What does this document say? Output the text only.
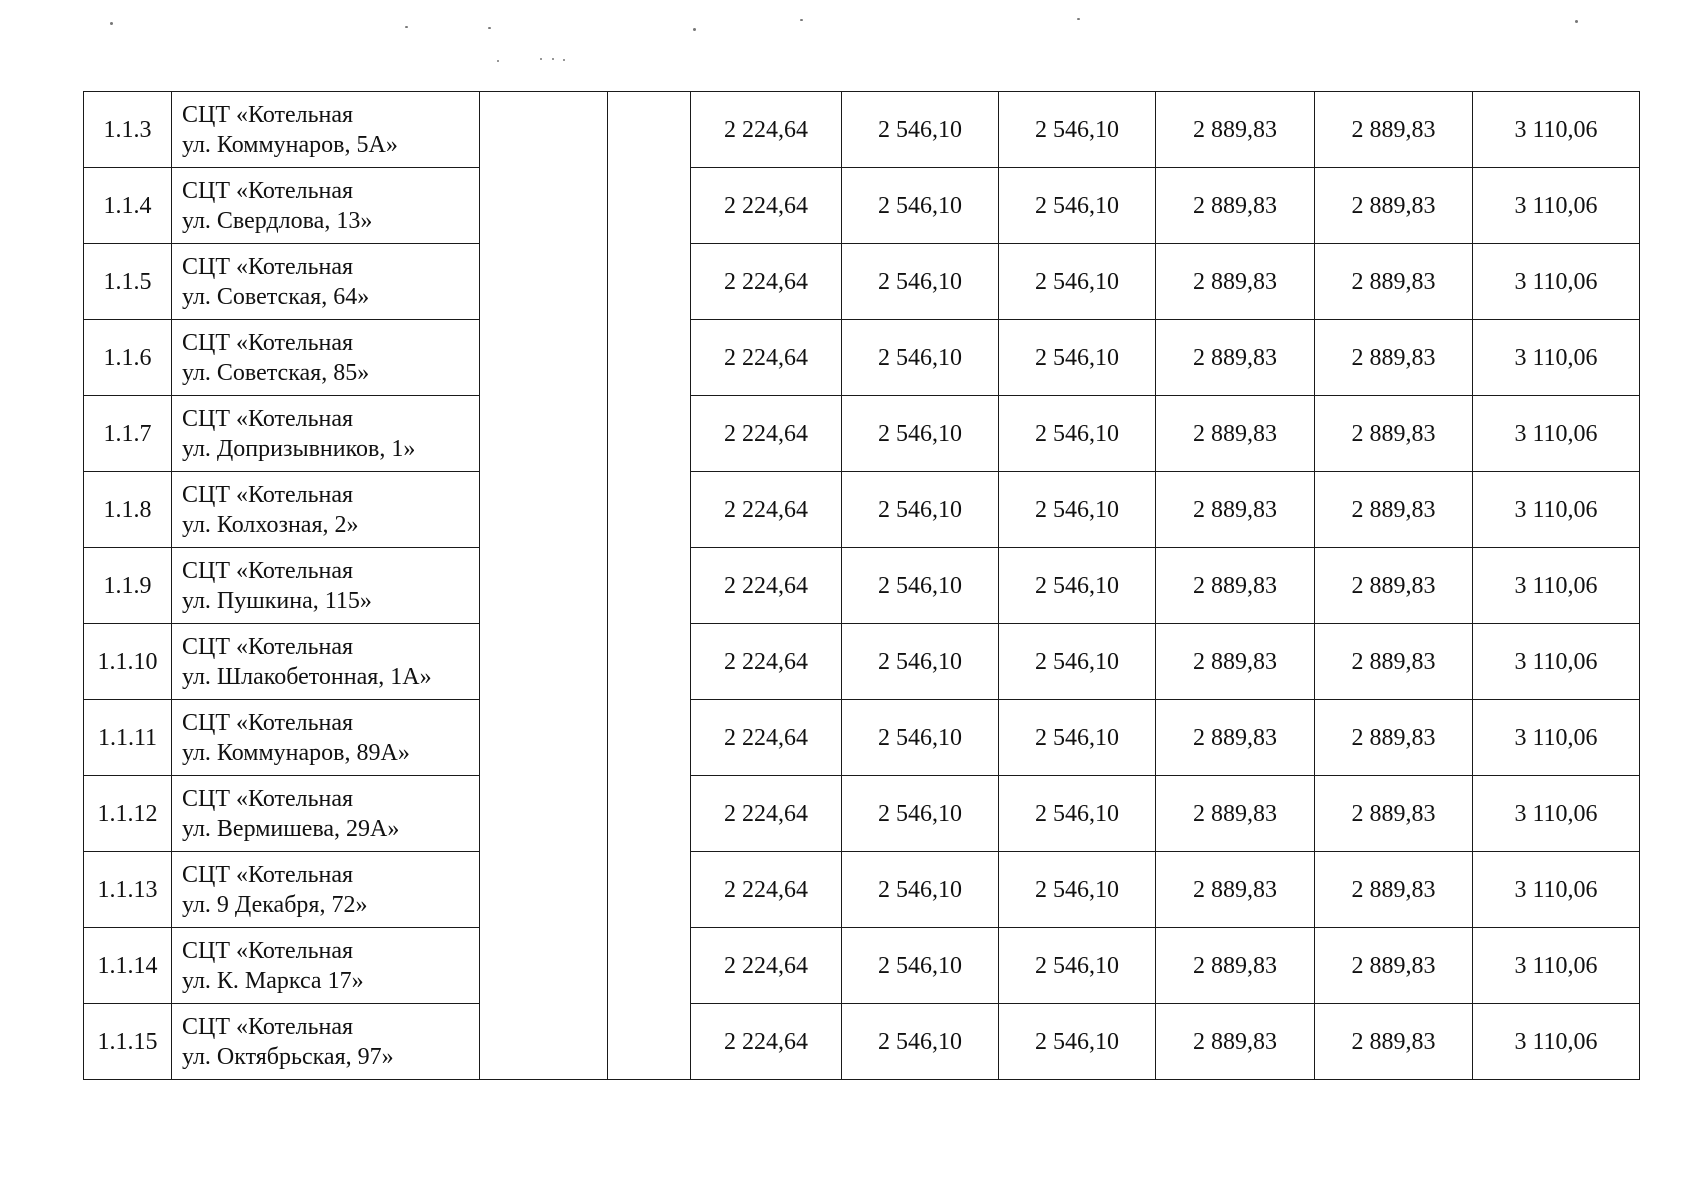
1.1.3	СЦТ «Котельная
ул. Коммунаров, 5А»			2 224,64	2 546,10	2 546,10	2 889,83	2 889,83	3 110,06
1.1.4	СЦТ «Котельная
ул. Свердлова, 13»			2 224,64	2 546,10	2 546,10	2 889,83	2 889,83	3 110,06
1.1.5	СЦТ «Котельная
ул. Советская, 64»			2 224,64	2 546,10	2 546,10	2 889,83	2 889,83	3 110,06
1.1.6	СЦТ «Котельная
ул. Советская, 85»			2 224,64	2 546,10	2 546,10	2 889,83	2 889,83	3 110,06
1.1.7	СЦТ «Котельная
ул. Допризывников, 1»			2 224,64	2 546,10	2 546,10	2 889,83	2 889,83	3 110,06
1.1.8	СЦТ «Котельная
ул. Колхозная, 2»			2 224,64	2 546,10	2 546,10	2 889,83	2 889,83	3 110,06
1.1.9	СЦТ «Котельная
ул. Пушкина, 115»			2 224,64	2 546,10	2 546,10	2 889,83	2 889,83	3 110,06
1.1.10	СЦТ «Котельная
ул. Шлакобетонная, 1А»			2 224,64	2 546,10	2 546,10	2 889,83	2 889,83	3 110,06
1.1.11	СЦТ «Котельная
ул. Коммунаров, 89А»			2 224,64	2 546,10	2 546,10	2 889,83	2 889,83	3 110,06
1.1.12	СЦТ «Котельная
ул. Вермишева, 29А»			2 224,64	2 546,10	2 546,10	2 889,83	2 889,83	3 110,06
1.1.13	СЦТ «Котельная
ул. 9 Декабря, 72»			2 224,64	2 546,10	2 546,10	2 889,83	2 889,83	3 110,06
1.1.14	СЦТ «Котельная
ул. К. Маркса 17»			2 224,64	2 546,10	2 546,10	2 889,83	2 889,83	3 110,06
1.1.15	СЦТ «Котельная
ул. Октябрьская, 97»			2 224,64	2 546,10	2 546,10	2 889,83	2 889,83	3 110,06
